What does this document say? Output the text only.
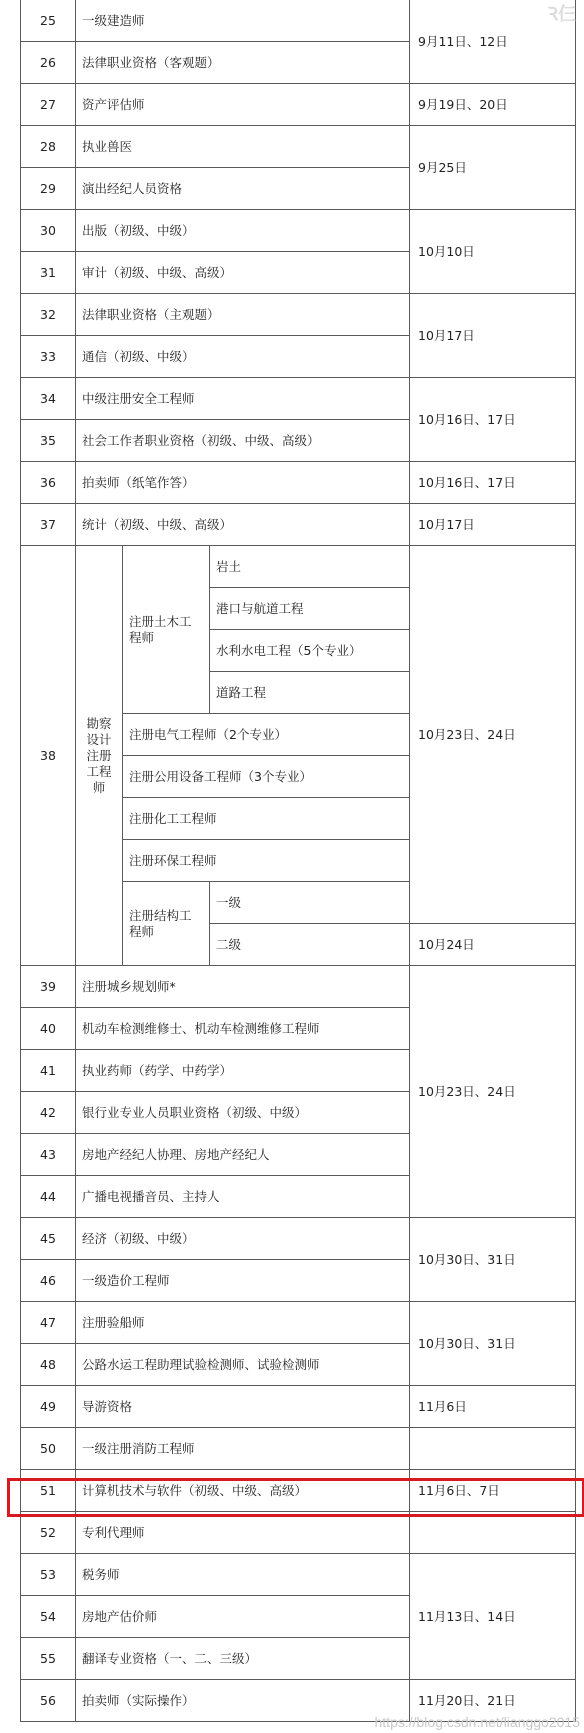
25	一级建造师			9月11日、12日
26	法律职业资格（客观题）			
27	资产评估师			9月19日、20日
28	执业兽医			9月25日
29	演出经纪人员资格			
30	出版（初级、中级）			10月10日
31	审计（初级、中级、高级）			
32	法律职业资格（主观题）			10月17日
33	通信（初级、中级）			
34	中级注册安全工程师			10月16日、17日
35	社会工作者职业资格（初级、中级、高级）			
36	拍卖师（纸笔作答）			10月16日、17日
37	统计（初级、中级、高级）			10月17日
38	勘察设计注册工程师	注册土木工程师	岩土	10月23日、24日
			港口与航道工程	
			水利水电工程（5个专业）	
			道路工程	
		注册电气工程师（2个专业）		
		注册公用设备工程师（3个专业）		
		注册化工工程师		
		注册环保工程师		
		注册结构工程师	一级	
			二级	10月24日
39	注册城乡规划师*			10月23日、24日
40	机动车检测维修士、机动车检测维修工程师			
41	执业药师（药学、中药学）			
42	银行业专业人员职业资格（初级、中级）			
43	房地产经纪人协理、房地产经纪人			
44	广播电视播音员、主持人			
45	经济（初级、中级）			10月30日、31日
46	一级造价工程师			
47	注册验船师			10月30日、31日
48	公路水运工程助理试验检测师、试验检测师			
49	导游资格			11月6日
50	一级注册消防工程师			
51	计算机技术与软件（初级、中级、高级）			11月6日、7日
52	专利代理师			
53	税务师			11月13日、14日
54	房地产估价师			
55	翻译专业资格（一、二、三级）			
56	拍卖师（实际操作）			11月20日、21日
Ꝛ仨
https://blog.csdn.net/lianggo2015
